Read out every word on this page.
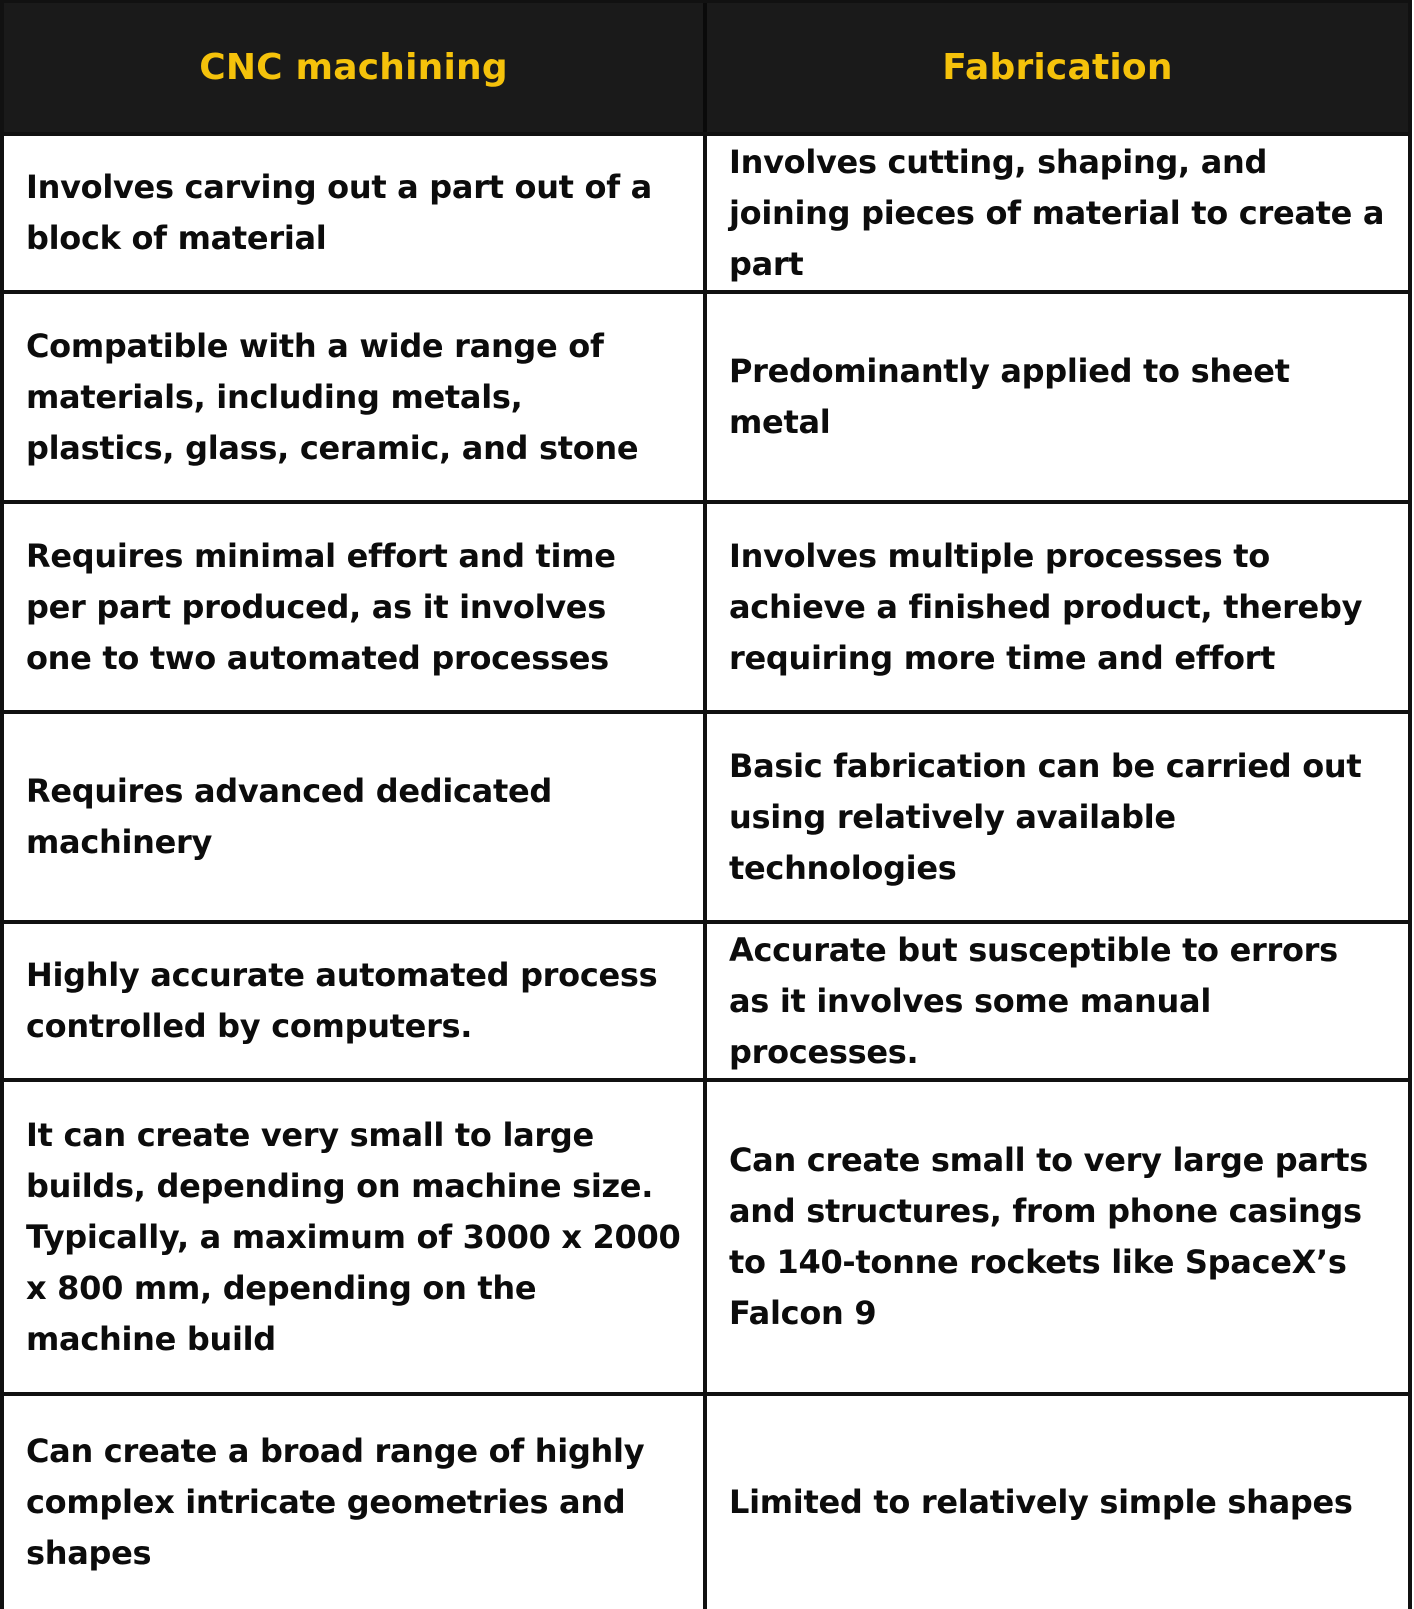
CNC machining	Fabrication
Involves carving out a part out of a block of material
Involves cutting, shaping, and joining pieces of material to create a part
Compatible with a wide range of materials, including metals, plastics, glass, ceramic, and stone
Predominantly applied to sheet metal
Requires minimal effort and time per part produced, as it involves one to two automated processes
Involves multiple processes to achieve a finished product, thereby requiring more time and effort
Requires advanced dedicated machinery
Basic fabrication can be carried out using relatively available technologies
Highly accurate automated process controlled by computers.
Accurate but susceptible to errors as it involves some manual processes.
It can create very small to large builds, depending on machine size. Typically, a maximum of 3000 x 2000 x 800 mm, depending on the machine build
Can create small to very large parts and structures, from phone casings to 140-tonne rockets like SpaceX’s Falcon 9
Can create a broad range of highly complex intricate geometries and shapes
Limited to relatively simple shapes
